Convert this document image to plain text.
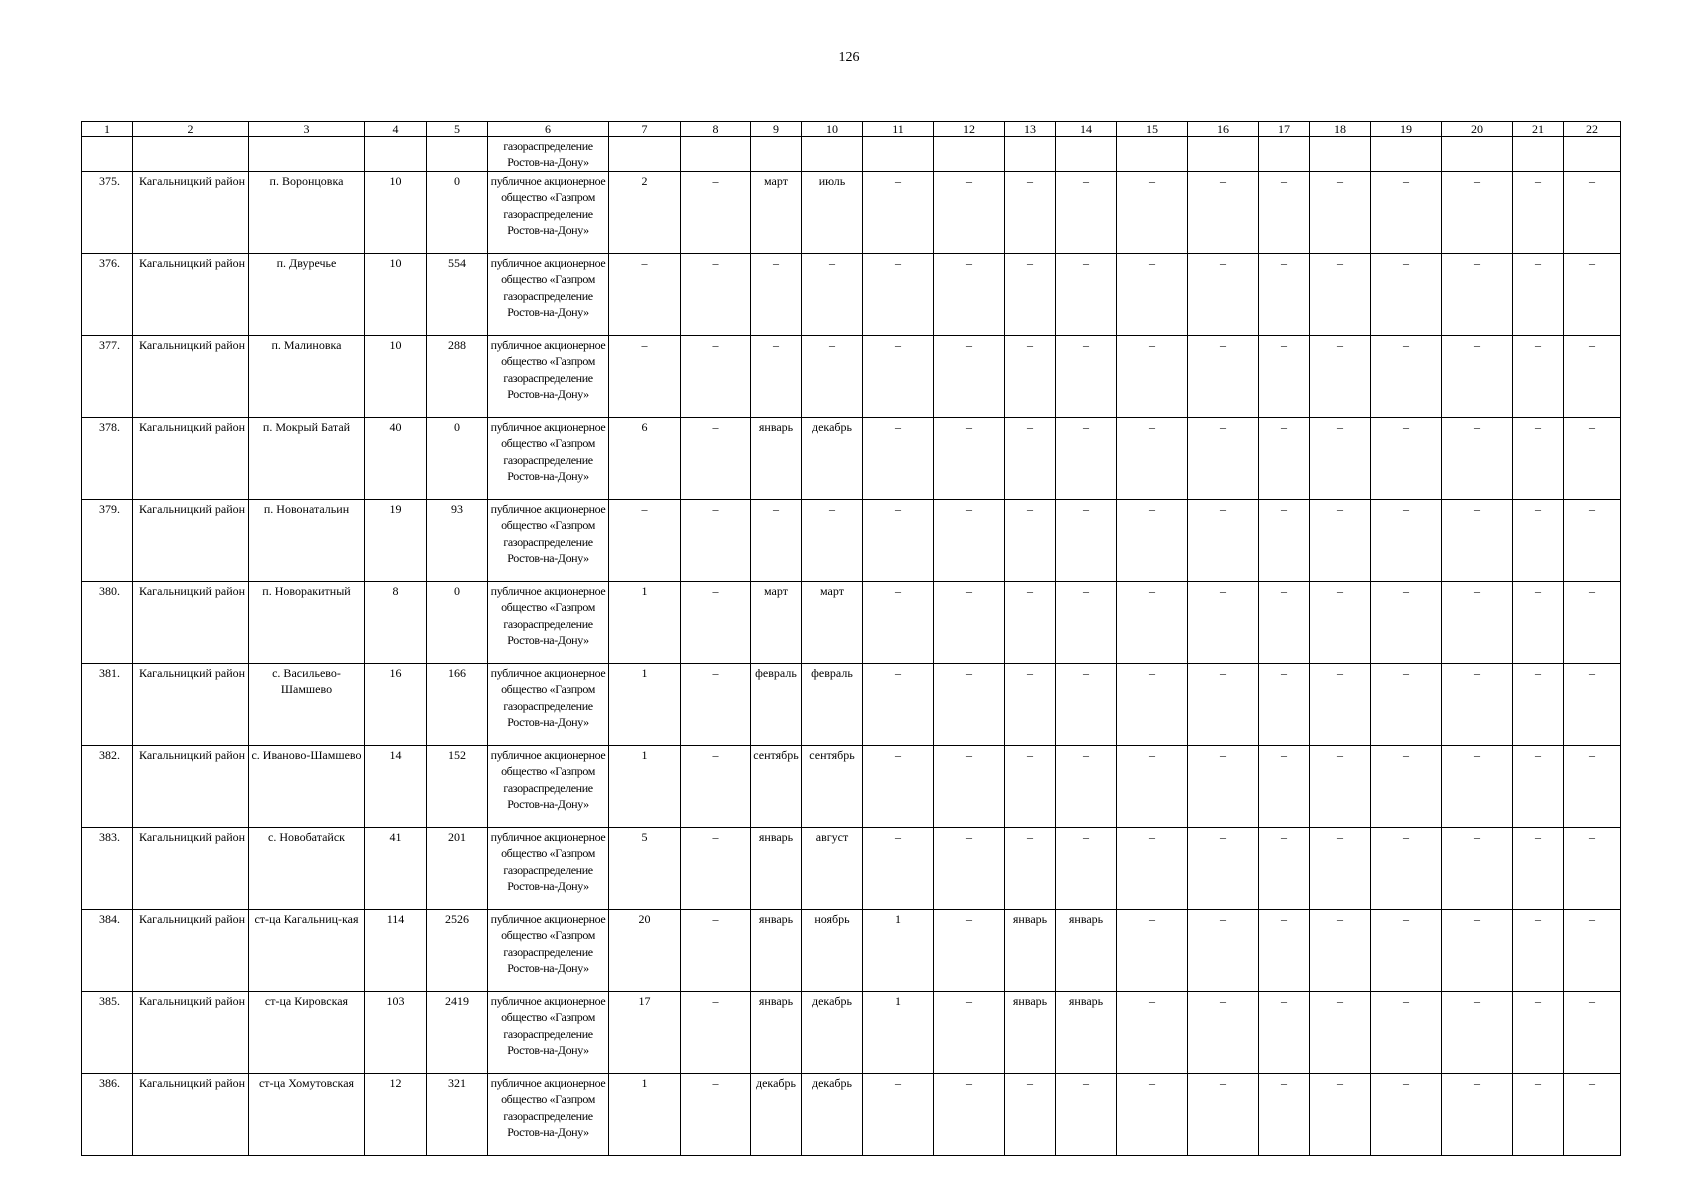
126
1	2	3	4	5	6	7	8	9	10	11	12	13	14	15	16	17	18	19	20	21	22
					газораспределение Ростов-на-Дону»																
375.	Кагальницкий район	п. Воронцовка	10	0	публичное акционерное общество «Газпром газораспределение Ростов-на-Дону»	2	–	март	июль	–	–	–	–	–	–	–	–	–	–	–	–
376.	Кагальницкий район	п. Двуречье	10	554	публичное акционерное общество «Газпром газораспределение Ростов-на-Дону»	–	–	–	–	–	–	–	–	–	–	–	–	–	–	–	–
377.	Кагальницкий район	п. Малиновка	10	288	публичное акционерное общество «Газпром газораспределение Ростов-на-Дону»	–	–	–	–	–	–	–	–	–	–	–	–	–	–	–	–
378.	Кагальницкий район	п. Мокрый Батай	40	0	публичное акционерное общество «Газпром газораспределение Ростов-на-Дону»	6	–	январь	декабрь	–	–	–	–	–	–	–	–	–	–	–	–
379.	Кагальницкий район	п. Новонатальин	19	93	публичное акционерное общество «Газпром газораспределение Ростов-на-Дону»	–	–	–	–	–	–	–	–	–	–	–	–	–	–	–	–
380.	Кагальницкий район	п. Новоракитный	8	0	публичное акционерное общество «Газпром газораспределение Ростов-на-Дону»	1	–	март	март	–	–	–	–	–	–	–	–	–	–	–	–
381.	Кагальницкий район	с. Васильево-Шамшево	16	166	публичное акционерное общество «Газпром газораспределение Ростов-на-Дону»	1	–	февраль	февраль	–	–	–	–	–	–	–	–	–	–	–	–
382.	Кагальницкий район	с. Иваново-Шамшево	14	152	публичное акционерное общество «Газпром газораспределение Ростов-на-Дону»	1	–	сентябрь	сентябрь	–	–	–	–	–	–	–	–	–	–	–	–
383.	Кагальницкий район	с. Новобатайск	41	201	публичное акционерное общество «Газпром газораспределение Ростов-на-Дону»	5	–	январь	август	–	–	–	–	–	–	–	–	–	–	–	–
384.	Кагальницкий район	ст-ца Кагальниц-кая	114	2526	публичное акционерное общество «Газпром газораспределение Ростов-на-Дону»	20	–	январь	ноябрь	1	–	январь	январь	–	–	–	–	–	–	–	–
385.	Кагальницкий район	ст-ца Кировская	103	2419	публичное акционерное общество «Газпром газораспределение Ростов-на-Дону»	17	–	январь	декабрь	1	–	январь	январь	–	–	–	–	–	–	–	–
386.	Кагальницкий район	ст-ца Хомутовская	12	321	публичное акционерное общество «Газпром газораспределение Ростов-на-Дону»	1	–	декабрь	декабрь	–	–	–	–	–	–	–	–	–	–	–	–
